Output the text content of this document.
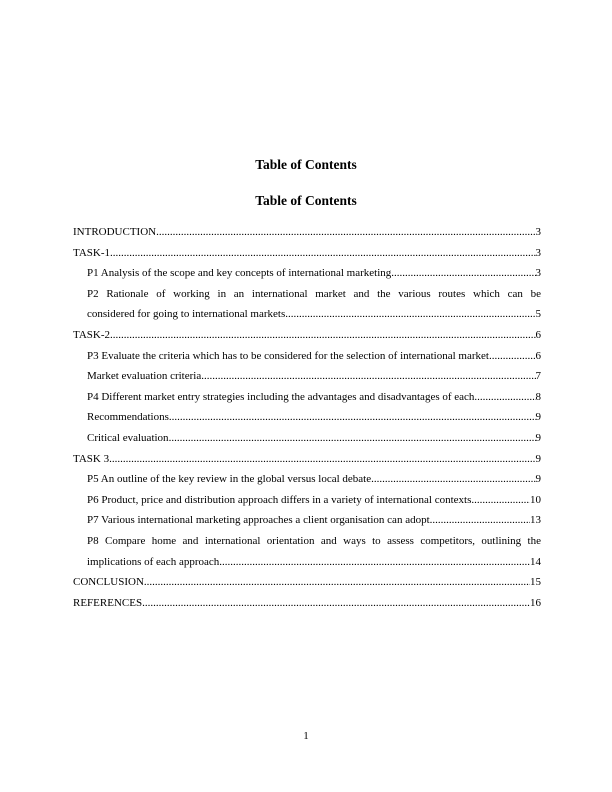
Table of Contents
Table of Contents
INTRODUCTION .....	3
TASK-1 .....	3
P1 Analysis of the scope and key concepts of international marketing .....	3
P2 Rationale of working in an international market and the various routes which can be
considered for going to international markets .....	5
TASK-2 .....	6
P3 Evaluate the criteria which has to be considered for the selection of international market .....	6
Market evaluation criteria .....	7
P4 Different market entry strategies including the advantages and disadvantages of each .....	8
Recommendations .....	9
Critical evaluation .....	9
TASK 3 .....	9
P5 An outline of the key review in the global versus local debate .....	9
P6 Product, price and distribution approach differs in a variety of international contexts .....	10
P7 Various international marketing approaches a client organisation can adopt .....	13
P8 Compare home and international orientation and ways to assess competitors, outlining the
implications of each approach .....	14
CONCLUSION .....	15
REFERENCES .....	16
1
